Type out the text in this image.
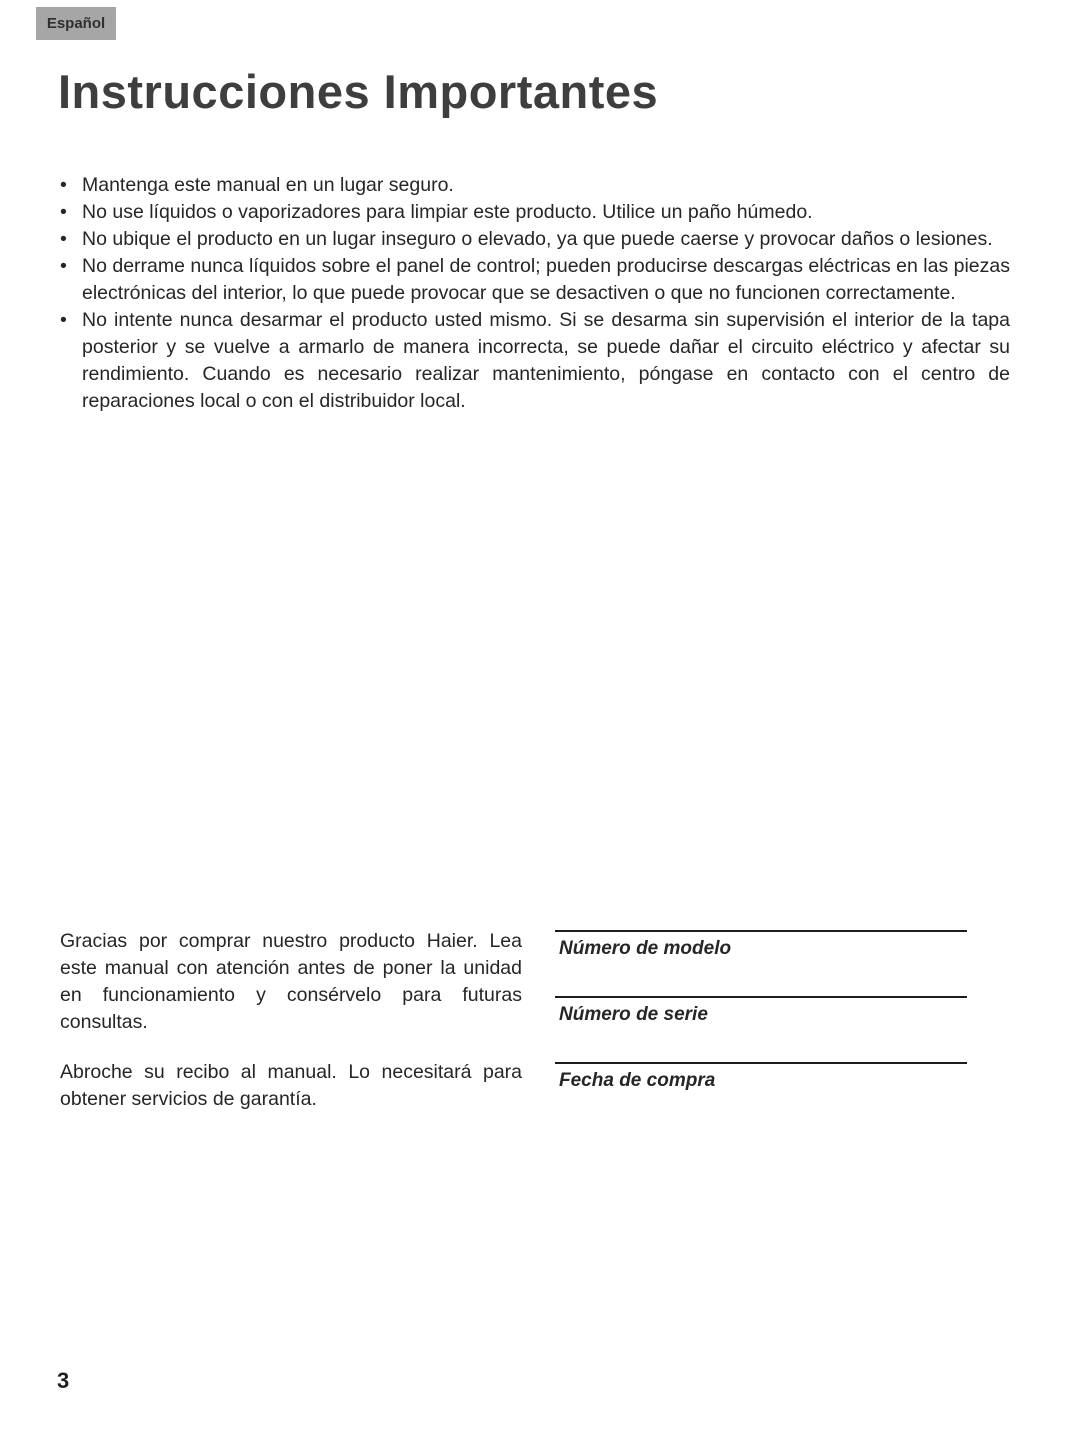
Español
Instrucciones Importantes
• Mantenga este manual en un lugar seguro.
• No use líquidos o vaporizadores para limpiar este producto. Utilice un paño húmedo.
• No ubique el producto en un lugar inseguro o elevado, ya que puede caerse y provocar daños o lesiones.
• No derrame nunca líquidos sobre el panel de control; pueden producirse descargas eléctricas en las piezas electrónicas del interior, lo que puede provocar que se desactiven o que no funcionen correctamente.
• No intente nunca desarmar el producto usted mismo. Si se desarma sin supervisión el interior de la tapa posterior y se vuelve a armarlo de manera incorrecta, se puede dañar el circuito eléctrico y afectar su rendimiento. Cuando es necesario realizar mantenimiento, póngase en contacto con el centro de reparaciones local o con el distribuidor local.

Gracias por comprar nuestro producto Haier. Lea este manual con atención antes de poner la unidad en funcionamiento y consérvelo para futuras consultas.

Abroche su recibo al manual. Lo necesitará para obtener servicios de garantía.

Número de modelo
Número de serie
Fecha de compra
3
